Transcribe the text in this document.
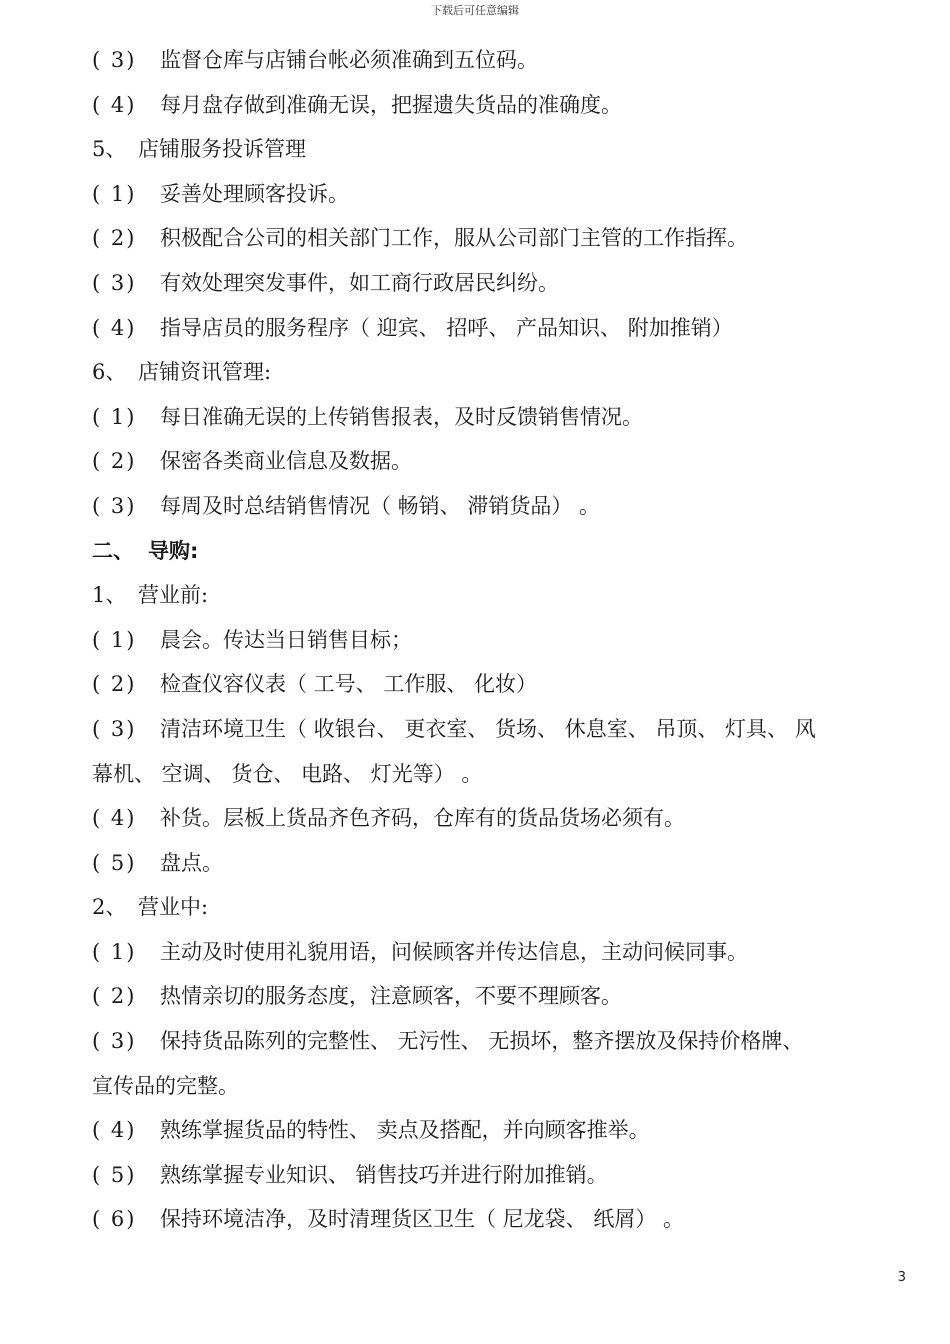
下载后可任意编辑
( 3)	监督仓库与店铺台帐必须准确到五位码。
( 4)	每月盘存做到准确无误，把握遗失货品的准确度。
5、 店铺服务投诉管理
( 1)	妥善处理顾客投诉。
( 2)	积极配合公司的相关部门工作，服从公司部门主管的工作指挥。
( 3)	有效处理突发事件，如工商行政居民纠纷。
( 4)	指导店员的服务程序（ 迎宾、 招呼、 产品知识、 附加推销）
6、 店铺资讯管理:
( 1)	每日准确无误的上传销售报表，及时反馈销售情况。
( 2)	保密各类商业信息及数据。
( 3)	每周及时总结销售情况（ 畅销、 滞销货品） 。
二、 导购:
1、 营业前:
( 1)	晨会。传达当日销售目标；
( 2)	检查仪容仪表（ 工号、 工作服、 化妆）
( 3)	清洁环境卫生（ 收银台、 更衣室、 货场、 休息室、 吊顶、 灯具、 风
幕机、 空调、 货仓、 电路、 灯光等） 。
( 4)	补货。层板上货品齐色齐码，仓库有的货品货场必须有。
( 5)	盘点。
2、 营业中:
( 1)	主动及时使用礼貌用语，问候顾客并传达信息，主动问候同事。
( 2)	热情亲切的服务态度，注意顾客，不要不理顾客。
( 3)	保持货品陈列的完整性、 无污性、 无损坏，整齐摆放及保持价格牌、
宣传品的完整。
( 4)	熟练掌握货品的特性、 卖点及搭配，并向顾客推举。
( 5)	熟练掌握专业知识、 销售技巧并进行附加推销。
( 6)	保持环境洁净，及时清理货区卫生（ 尼龙袋、 纸屑） 。
3
